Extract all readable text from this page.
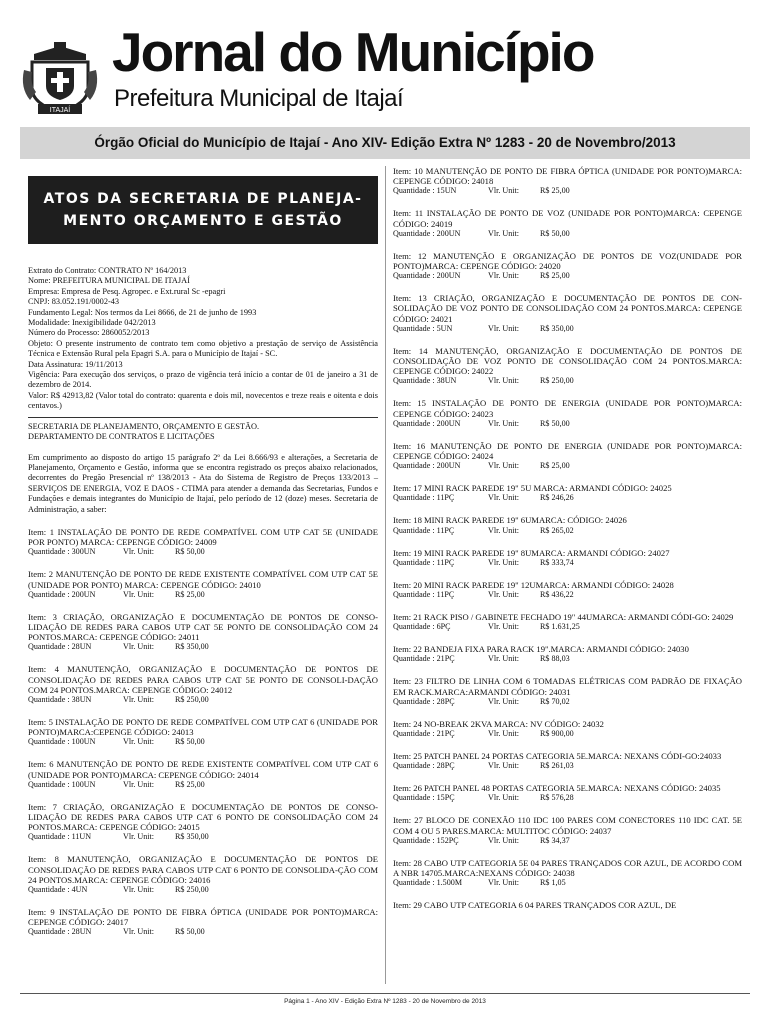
ITAJAÍ
Jornal do Município
Prefeitura Municipal de Itajaí
Órgão Oficial do Município de Itajaí - Ano XIV- Edição Extra Nº 1283 - 20 de Novembro/2013
ATOS DA SECRETARIA DE PLANEJA- MENTO ORÇAMENTO E GESTÃO
Extrato do Contrato: CONTRATO Nº 164/2013
Nome: PREFEITURA MUNICIPAL DE ITAJAÍ
Empresa: Empresa de Pesq. Agropec. e Ext.rural Sc -epagri
CNPJ: 83.052.191/0002-43
Fundamento Legal: Nos termos da Lei 8666, de 21 de junho de 1993
Modalidade: Inexigibilidade 042/2013
Número do Processo: 2860052/2013
Objeto: O presente instrumento de contrato tem como objetivo a prestação de serviço de Assistência Técnica e Extensão Rural pela Epagri S.A. para o Município de Itajaí - SC.
Data Assinatura: 19/11/2013
Vigência: Para execução dos serviços, o prazo de vigência terá início a contar de 01 de janeiro a 31 de dezembro de 2014.
Valor: R$ 42913,82 (Valor total do contrato: quarenta e dois mil, novecentos e treze reais e oitenta e dois centavos.)
SECRETARIA DE PLANEJAMENTO, ORÇAMENTO E GESTÃO.
DEPARTAMENTO DE CONTRATOS E LICITAÇÕES
Em cumprimento ao disposto do artigo 15 parágrafo 2º da Lei 8.666/93 e alterações, a Secretaria de Planejamento, Orçamento e Gestão, informa que se encontra registrado os preços abaixo relacionados, decorrentes do Pregão Presencial nº 138/2013 - Ata do Sistema de Registro de Preços 133/2013 – SERVIÇOS DE ENERGIA, VOZ E DAOS - CTIMA para atender a demanda das Secretarias, Fundos e Fundações e demais integrantes do Município de Itajaí, pelo período de 12 (doze) meses. Secretaria de Administração, a saber:
Item: 1 INSTALAÇÃO DE PONTO DE REDE COMPATÍVEL COM UTP CAT 5E (UNIDADE POR PONTO) MARCA: CEPENGE CÓDIGO: 24009
Quantidade : 300UN	Vlr. Unit:	R$ 50,00
Item: 2 MANUTENÇÃO DE PONTO DE REDE EXISTENTE COMPATÍVEL COM UTP CAT 5E (UNIDADE POR PONTO) MARCA: CEPENGE CÓDIGO: 24010
Quantidade : 200UN	Vlr. Unit:	R$ 25,00
Item: 3 CRIAÇÃO, ORGANIZAÇÃO E DOCUMENTAÇÃO DE PONTOS DE CONSO-LIDAÇÃO DE REDES PARA CABOS UTP CAT 5E PONTO DE CONSOLIDAÇÃO COM 24 PONTOS.MARCA: CEPENGE CÓDIGO: 24011
Quantidade : 28UN	Vlr. Unit:	R$ 350,00
Item: 4 MANUTENÇÃO, ORGANIZAÇÃO E DOCUMENTAÇÃO DE PONTOS DE CONSOLIDAÇÃO DE REDES PARA CABOS UTP CAT 5E PONTO DE CONSOLI-DAÇÃO COM 24 PONTOS.MARCA: CEPENGE CÓDIGO: 24012
Quantidade : 38UN	Vlr. Unit:	R$ 250,00
Item: 5 INSTALAÇÃO DE PONTO DE REDE COMPATÍVEL COM UTP CAT 6 (UNIDADE POR PONTO)MARCA:CEPENGE CÓDIGO: 24013
Quantidade : 100UN	Vlr. Unit:	R$ 50,00
Item: 6 MANUTENÇÃO DE PONTO DE REDE EXISTENTE COMPATÍVEL COM UTP CAT 6 (UNIDADE POR PONTO)MARCA: CEPENGE CÓDIGO: 24014
Quantidade : 100UN	Vlr. Unit:	R$ 25,00
Item: 7 CRIAÇÃO, ORGANIZAÇÃO E DOCUMENTAÇÃO DE PONTOS DE CONSO-LIDAÇÃO DE REDES PARA CABOS UTP CAT 6 PONTO DE CONSOLIDAÇÃO COM 24 PONTOS.MARCA: CEPENGE CÓDIGO: 24015
Quantidade : 11UN	Vlr. Unit:	R$ 350,00
Item: 8 MANUTENÇÃO, ORGANIZAÇÃO E DOCUMENTAÇÃO DE PONTOS DE CONSOLIDAÇÃO DE REDES PARA CABOS UTP CAT 6 PONTO DE CONSOLIDA-ÇÃO COM 24 PONTOS.MARCA: CEPENGE CÓDIGO: 24016
Quantidade : 4UN	Vlr. Unit:	R$ 250,00
Item: 9 INSTALAÇÃO DE PONTO DE FIBRA ÓPTICA (UNIDADE POR PONTO)MARCA: CEPENGE CÓDIGO: 24017
Quantidade : 28UN	Vlr. Unit:	R$ 50,00
Item: 10 MANUTENÇÃO DE PONTO DE FIBRA ÓPTICA (UNIDADE POR PONTO)MARCA: CEPENGE CÓDIGO: 24018
Quantidade : 15UN	Vlr. Unit:	R$ 25,00
Item: 11 INSTALAÇÃO DE PONTO DE VOZ (UNIDADE POR PONTO)MARCA: CEPENGE CÓDIGO: 24019
Quantidade : 200UN	Vlr. Unit:	R$ 50,00
Item: 12 MANUTENÇÃO E ORGANIZAÇÃO DE PONTOS DE VOZ(UNIDADE POR PONTO)MARCA: CEPENGE CÓDIGO: 24020
Quantidade : 200UN	Vlr. Unit:	R$ 25,00
Item: 13 CRIAÇÃO, ORGANIZAÇÃO E DOCUMENTAÇÃO DE PONTOS DE CON-SOLIDAÇÃO DE VOZ PONTO DE CONSOLIDAÇÃO COM 24 PONTOS.MARCA: CEPENGE CÓDIGO: 24021
Quantidade : 5UN	Vlr. Unit:	R$ 350,00
Item: 14 MANUTENÇÃO, ORGANIZAÇÃO E DOCUMENTAÇÃO DE PONTOS DE CONSOLIDAÇÃO DE VOZ PONTO DE CONSOLIDAÇÃO COM 24 PONTOS.MARCA: CEPENGE CÓDIGO: 24022
Quantidade : 38UN	Vlr. Unit:	R$ 250,00
Item: 15 INSTALAÇÃO DE PONTO DE ENERGIA (UNIDADE POR PONTO)MARCA: CEPENGE CÓDIGO: 24023
Quantidade : 200UN	Vlr. Unit:	R$ 50,00
Item: 16 MANUTENÇÃO DE PONTO DE ENERGIA (UNIDADE POR PONTO)MARCA: CEPENGE CÓDIGO: 24024
Quantidade : 200UN	Vlr. Unit:	R$ 25,00
Item: 17 MINI RACK PAREDE 19" 5U MARCA: ARMANDI CÓDIGO: 24025
Quantidade : 11PÇ	Vlr. Unit:	R$ 246,26
Item: 18 MINI RACK PAREDE 19" 6UMARCA: CÓDIGO: 24026
Quantidade : 11PÇ	Vlr. Unit:	R$ 265,02
Item: 19 MINI RACK PAREDE 19" 8UMARCA: ARMANDI CÓDIGO: 24027
Quantidade : 11PÇ	Vlr. Unit:	R$ 333,74
Item: 20 MINI RACK PAREDE 19" 12UMARCA: ARMANDI CÓDIGO: 24028
Quantidade : 11PÇ	Vlr. Unit:	R$ 436,22
Item: 21 RACK PISO / GABINETE FECHADO 19" 44UMARCA: ARMANDI CÓDI-GO: 24029
Quantidade : 6PÇ	Vlr. Unit:	R$ 1.631,25
Item: 22 BANDEJA FIXA PARA RACK 19".MARCA: ARMANDI CÓDIGO: 24030
Quantidade : 21PÇ	Vlr. Unit:	R$ 88,03
Item: 23 FILTRO DE LINHA COM 6 TOMADAS ELÉTRICAS COM PADRÃO DE FIXAÇÃO EM RACK.MARCA:ARMANDI CÓDIGO: 24031
Quantidade : 28PÇ	Vlr. Unit:	R$ 70,02
Item: 24 NO-BREAK 2KVA MARCA: NV CÓDIGO: 24032
Quantidade : 21PÇ	Vlr. Unit:	R$ 900,00
Item: 25 PATCH PANEL 24 PORTAS CATEGORIA 5E.MARCA: NEXANS CÓDI-GO:24033
Quantidade : 28PÇ	Vlr. Unit:	R$ 261,03
Item: 26 PATCH PANEL 48 PORTAS CATEGORIA 5E.MARCA: NEXANS CÓDIGO: 24035
Quantidade : 15PÇ	Vlr. Unit:	R$ 576,28
Item: 27 BLOCO DE CONEXÃO 110 IDC 100 PARES COM CONECTORES 110 IDC CAT. 5E COM 4 OU 5 PARES.MARCA: MULTITOC CÓDIGO: 24037
Quantidade : 152PÇ	Vlr. Unit:	R$ 34,37
Item: 28 CABO UTP CATEGORIA 5E 04 PARES TRANÇADOS COR AZUL, DE ACORDO COM A NBR 14705.MARCA:NEXANS CÓDIGO: 24038
Quantidade : 1.500M	Vlr. Unit:	R$ 1,05
Item: 29 CABO UTP CATEGORIA 6 04 PARES TRANÇADOS COR AZUL, DE
Página 1 - Ano XIV - Edição Extra Nº 1283 - 20 de Novembro de 2013
